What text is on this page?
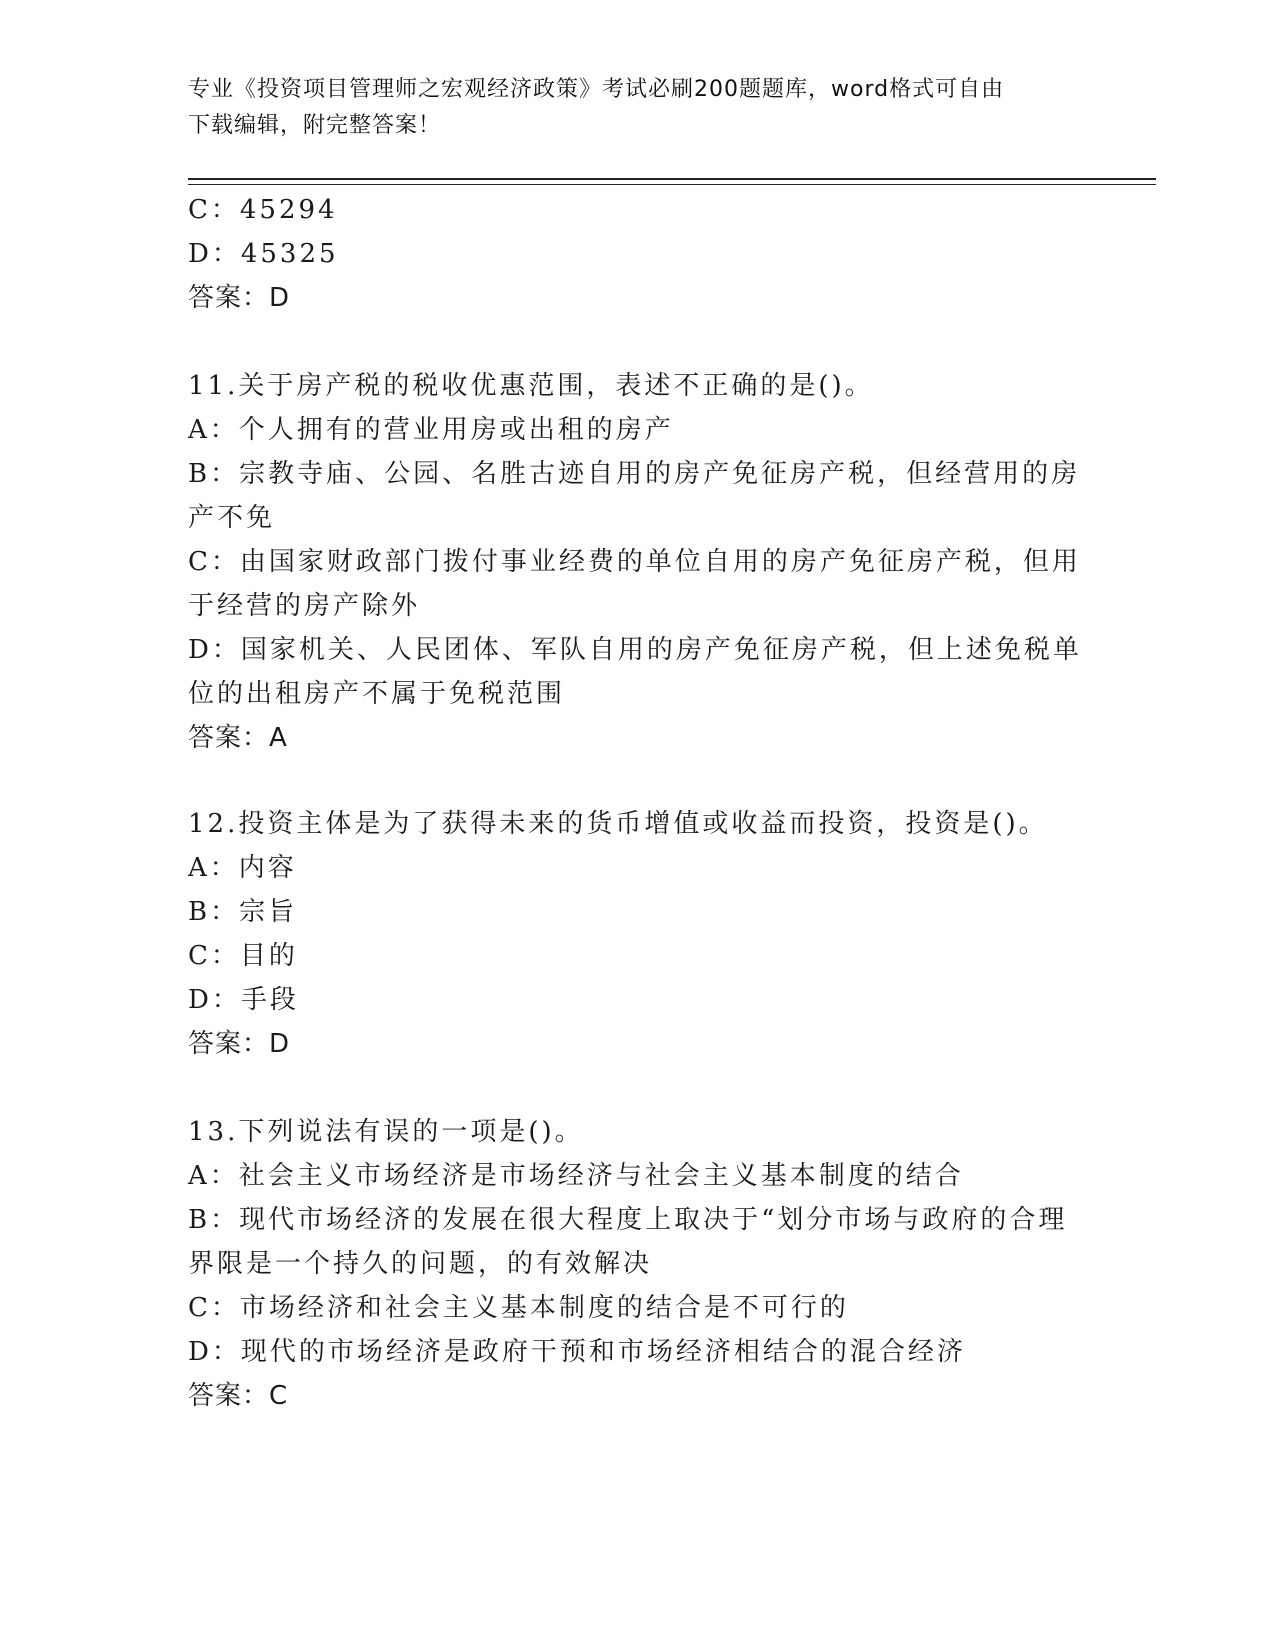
专业《投资项目管理师之宏观经济政策》考试必刷200题题库，word格式可自由
下载编辑，附完整答案！
C：45294
D：45325
答案：D
11.关于房产税的税收优惠范围，表述不正确的是()。
A：个人拥有的营业用房或出租的房产
B：宗教寺庙、公园、名胜古迹自用的房产免征房产税，但经营用的房
产不免
C：由国家财政部门拨付事业经费的单位自用的房产免征房产税，但用
于经营的房产除外
D：国家机关、人民团体、军队自用的房产免征房产税，但上述免税单
位的出租房产不属于免税范围
答案：A
12.投资主体是为了获得未来的货币增值或收益而投资，投资是()。
A：内容
B：宗旨
C：目的
D：手段
答案：D
13.下列说法有误的一项是()。
A：社会主义市场经济是市场经济与社会主义基本制度的结合
B：现代市场经济的发展在很大程度上取决于“划分市场与政府的合理
界限是一个持久的问题，的有效解决
C：市场经济和社会主义基本制度的结合是不可行的
D：现代的市场经济是政府干预和市场经济相结合的混合经济
答案：C
